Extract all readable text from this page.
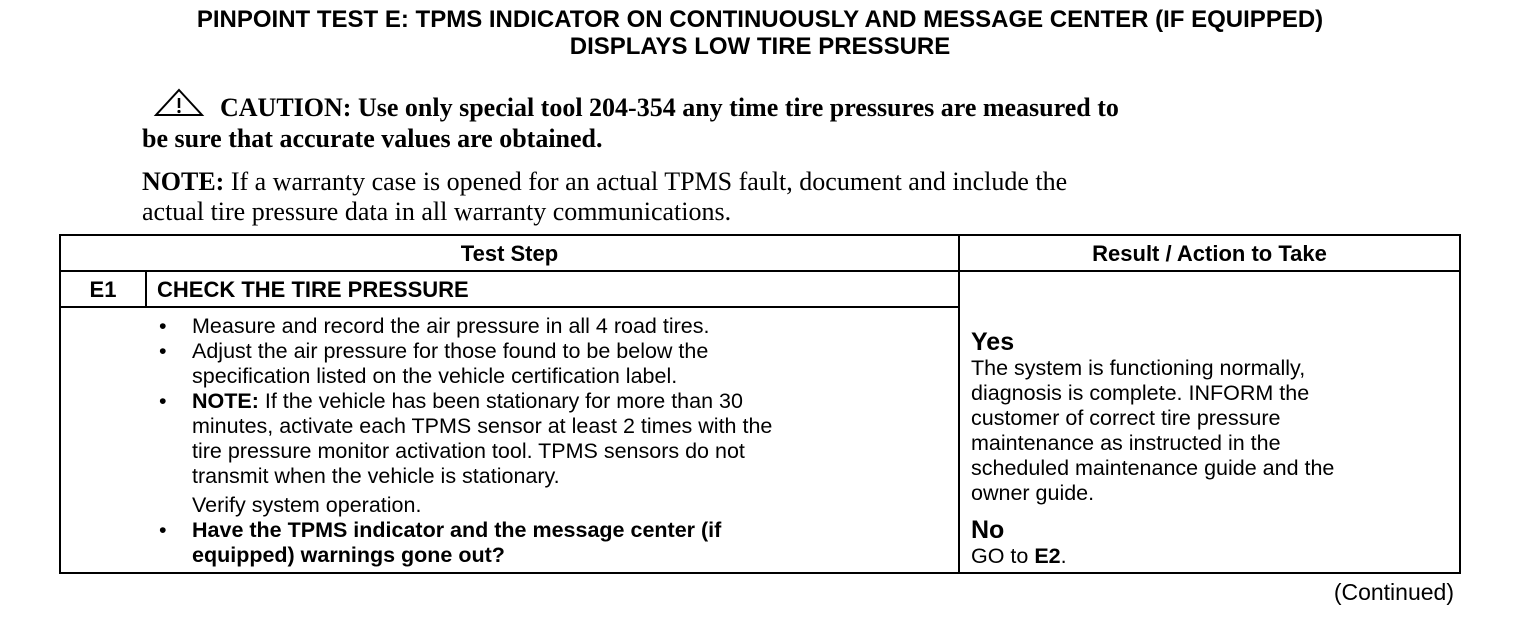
PINPOINT TEST E: TPMS INDICATOR ON CONTINUOUSLY AND MESSAGE CENTER (IF EQUIPPED)
DISPLAYS LOW TIRE PRESSURE
CAUTION: Use only special tool 204-354 any time tire pressures are measured to
be sure that accurate values are obtained.
NOTE: If a warranty case is opened for an actual TPMS fault, document and include the
actual tire pressure data in all warranty communications.
Test Step	Result / Action to Take
E1	CHECK THE TIRE PRESSURE
• Measure and record the air pressure in all 4 road tires.
• Adjust the air pressure for those found to be below the
specification listed on the vehicle certification label.
• NOTE: If the vehicle has been stationary for more than 30
minutes, activate each TPMS sensor at least 2 times with the
tire pressure monitor activation tool. TPMS sensors do not
transmit when the vehicle is stationary.
Verify system operation.
• Have the TPMS indicator and the message center (if
equipped) warnings gone out?
Yes
The system is functioning normally,
diagnosis is complete. INFORM the
customer of correct tire pressure
maintenance as instructed in the
scheduled maintenance guide and the
owner guide.
No
GO to E2.
(Continued)
